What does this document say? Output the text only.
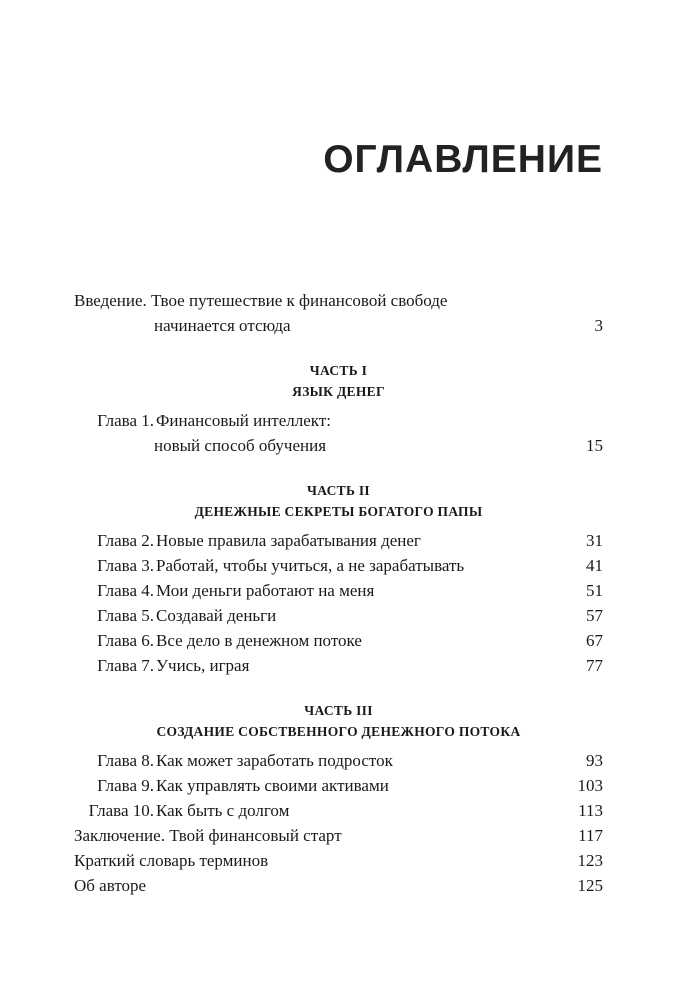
ОГЛАВЛЕНИЕ
Введение. Твое путешествие к финансовой свободе
начинается отсюда	3
ЧАСТЬ I
ЯЗЫК ДЕНЕГ
Глава 1. Финансовый интеллект:
новый способ обучения	15
ЧАСТЬ II
ДЕНЕЖНЫЕ СЕКРЕТЫ БОГАТОГО ПАПЫ
Глава 2. Новые правила зарабатывания денег	31
Глава 3. Работай, чтобы учиться, а не зарабатывать	41
Глава 4. Мои деньги работают на меня	51
Глава 5. Создавай деньги	57
Глава 6. Все дело в денежном потоке	67
Глава 7. Учись, играя	77
ЧАСТЬ III
СОЗДАНИЕ СОБСТВЕННОГО ДЕНЕЖНОГО ПОТОКА
Глава 8. Как может заработать подросток	93
Глава 9. Как управлять своими активами	103
Глава 10. Как быть с долгом	113
Заключение. Твой финансовый старт	117
Краткий словарь терминов	123
Об авторе	125
